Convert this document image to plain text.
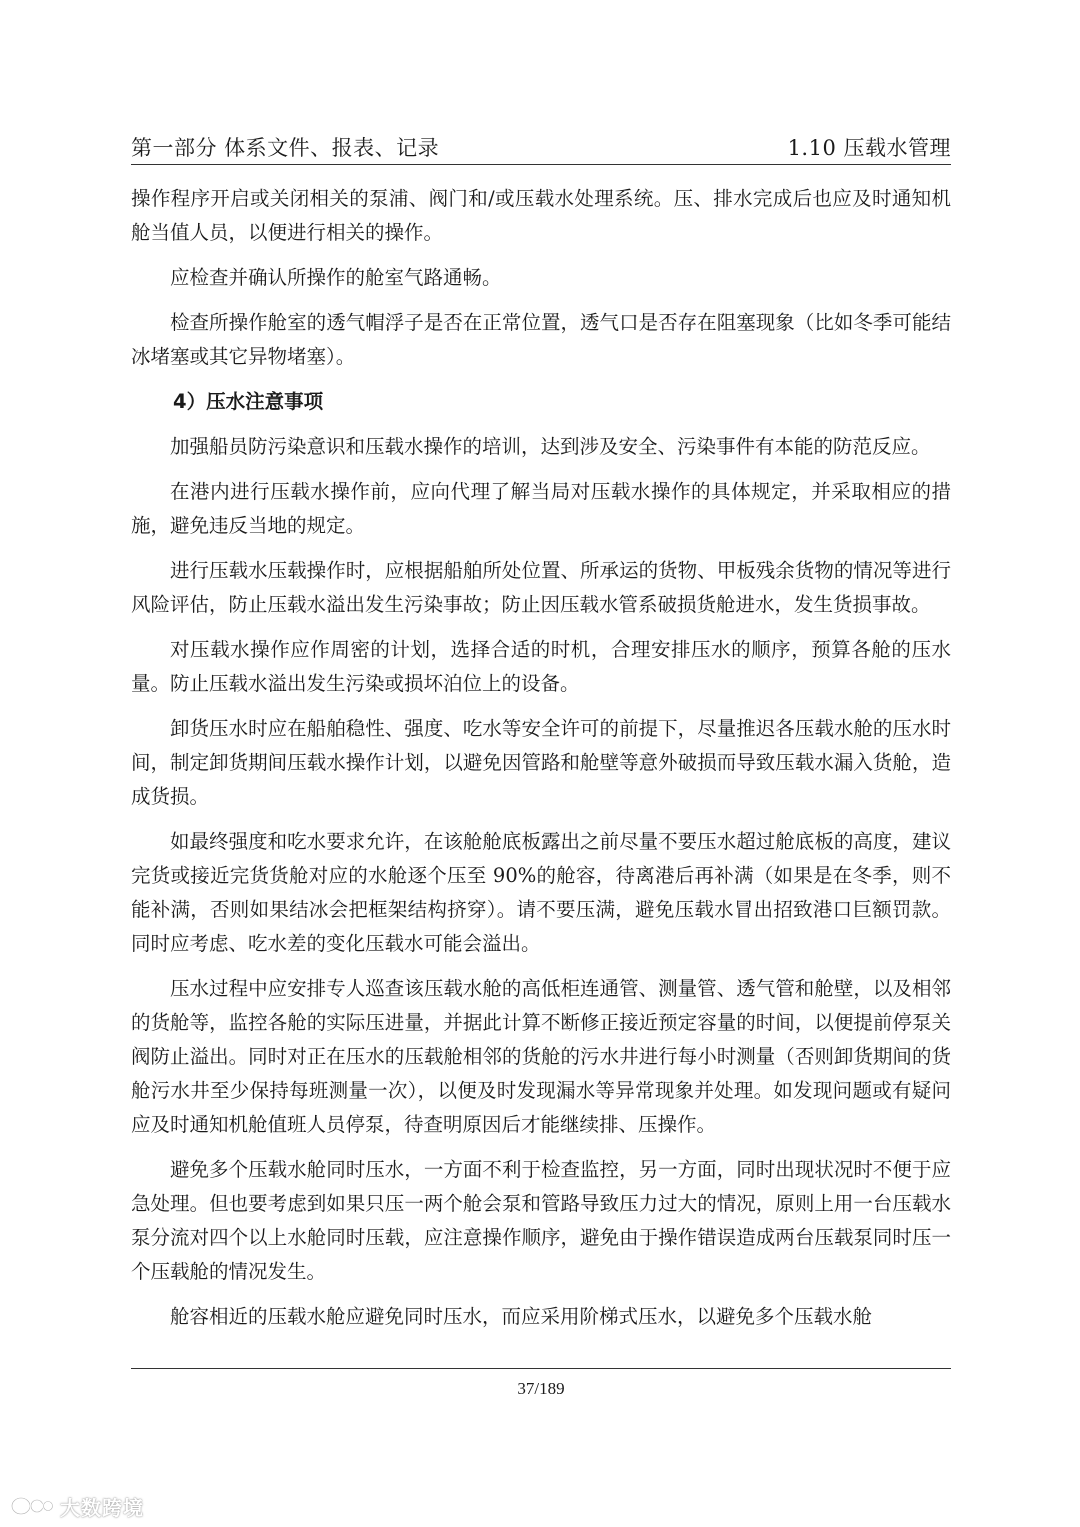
第一部分 体系文件、报表、记录	1.10 压载水管理

操作程序开启或关闭相关的泵浦、阀门和/或压载水处理系统。压、排水完成后也应及时通知机舱当值人员，以便进行相关的操作。

应检查并确认所操作的舱室气路通畅。

检查所操作舱室的透气帽浮子是否在正常位置，透气口是否存在阻塞现象（比如冬季可能结冰堵塞或其它异物堵塞）。

4）压水注意事项

加强船员防污染意识和压载水操作的培训，达到涉及安全、污染事件有本能的防范反应。

在港内进行压载水操作前，应向代理了解当局对压载水操作的具体规定，并采取相应的措施，避免违反当地的规定。

进行压载水压载操作时，应根据船舶所处位置、所承运的货物、甲板残余货物的情况等进行风险评估，防止压载水溢出发生污染事故；防止因压载水管系破损货舱进水，发生货损事故。

对压载水操作应作周密的计划，选择合适的时机，合理安排压水的顺序，预算各舱的压水量。防止压载水溢出发生污染或损坏泊位上的设备。

卸货压水时应在船舶稳性、强度、吃水等安全许可的前提下，尽量推迟各压载水舱的压水时间，制定卸货期间压载水操作计划，以避免因管路和舱壁等意外破损而导致压载水漏入货舱，造成货损。

如最终强度和吃水要求允许，在该舱舱底板露出之前尽量不要压水超过舱底板的高度，建议完货或接近完货货舱对应的水舱逐个压至 90%的舱容，待离港后再补满（如果是在冬季，则不能补满，否则如果结冰会把框架结构挤穿）。请不要压满，避免压载水冒出招致港口巨额罚款。同时应考虑、吃水差的变化压载水可能会溢出。

压水过程中应安排专人巡查该压载水舱的高低柜连通管、测量管、透气管和舱壁，以及相邻的货舱等，监控各舱的实际压进量，并据此计算不断修正接近预定容量的时间，以便提前停泵关阀防止溢出。同时对正在压水的压载舱相邻的货舱的污水井进行每小时测量（否则卸货期间的货舱污水井至少保持每班测量一次），以便及时发现漏水等异常现象并处理。如发现问题或有疑问应及时通知机舱值班人员停泵，待查明原因后才能继续排、压操作。

避免多个压载水舱同时压水，一方面不利于检查监控，另一方面，同时出现状况时不便于应急处理。但也要考虑到如果只压一两个舱会泵和管路导致压力过大的情况，原则上用一台压载水泵分流对四个以上水舱同时压载，应注意操作顺序，避免由于操作错误造成两台压载泵同时压一个压载舱的情况发生。

舱容相近的压载水舱应避免同时压水，而应采用阶梯式压水，以避免多个压载水舱

37/189
大数跨境
